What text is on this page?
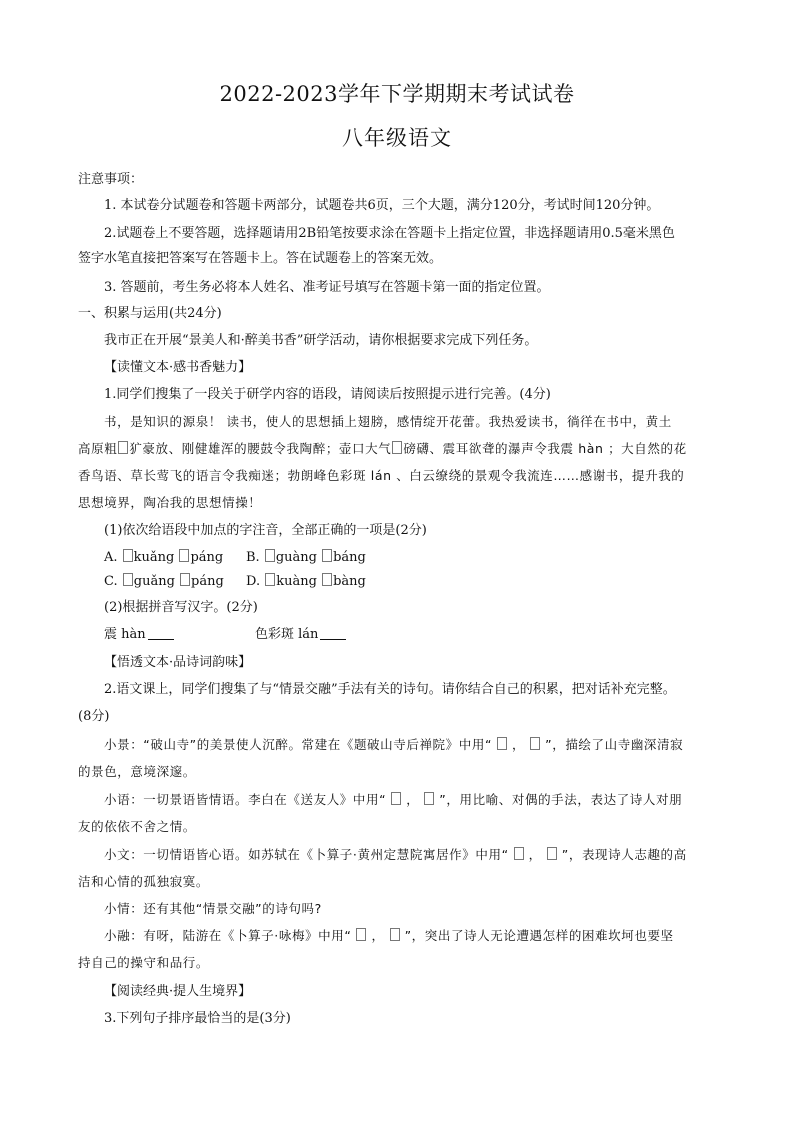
2022-2023学年下学期期末考试试卷
八年级语文
注意事项：
1. 本试卷分试题卷和答题卡两部分，试题卷共6页，三个大题，满分120分，考试时间120分钟。
2.试题卷上不要答题，选择题请用2B铅笔按要求涂在答题卡上指定位置，非选择题请用0.5毫米黑色
签字水笔直接把答案写在答题卡上。答在试题卷上的答案无效。
3. 答题前，考生务必将本人姓名、准考证号填写在答题卡第一面的指定位置。
一、积累与运用(共24分)
我市正在开展“景美人和·醉美书香”研学活动，请你根据要求完成下列任务。
【读懂文本·感书香魅力】
1.同学们搜集了一段关于研学内容的语段，请阅读后按照提示进行完善。(4分)
书，是知识的源泉！ 读书，使人的思想插上翅膀，感情绽开花蕾。我热爱读书，徜徉在书中，黄土
高原粗 犷豪放、刚健雄浑的腰鼓令我陶醉；壶口大气 磅礴、震耳欲聋的瀑声令我震 hàn ；大自然的花
香鸟语、草长莺飞的语言令我痴迷；勃朗峰色彩斑 lán 、白云缭绕的景观令我流连……感谢书，提升我的
思想境界，陶冶我的思想情操！
(1)依次给语段中加点的字注音，全部正确的一项是(2分)
A. kuǎng páng B. guàng báng
C. guǎng páng D. kuàng bàng
(2)根据拼音写汉字。(2分)
震 hàn	色彩斑 lán
【悟透文本·品诗词韵味】
2.语文课上，同学们搜集了与“情景交融”手法有关的诗句。请你结合自己的积累，把对话补充完整。
(8分)
小景：“破山寺”的美景使人沉醉。常建在《题破山寺后禅院》中用“ ， ”，描绘了山寺幽深清寂
的景色，意境深邃。
小语：一切景语皆情语。李白在《送友人》中用“ ， ”，用比喻、对偶的手法，表达了诗人对朋
友的依依不舍之情。
小文：一切情语皆心语。如苏轼在《卜算子·黄州定慧院寓居作》中用“ ， ”，表现诗人志趣的高
洁和心情的孤独寂寞。
小情：还有其他“情景交融”的诗句吗?
小融：有呀，陆游在《卜算子·咏梅》中用“ ， ”，突出了诗人无论遭遇怎样的困难坎坷也要坚
持自己的操守和品行。
【阅读经典·提人生境界】
3.下列句子排序最恰当的是(3分)
